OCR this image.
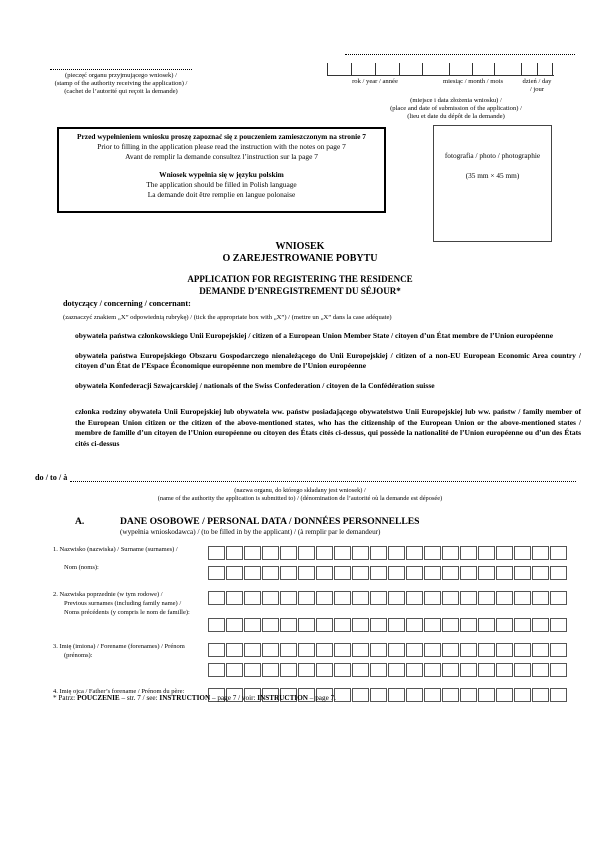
(pieczęć organu przyjmującego wniosek) /
(stamp of the authority receiving the application) /
(cachet de l’autorité qui reçoit la demande)
rok / year / année	miesiąc / month / mois	dzień / day
/ jour
(miejsce i data złożenia wniosku) /
(place and date of submission of the application) /
(lieu et date du dépôt de la demande)
Przed wypełnieniem wniosku proszę zapoznać się z pouczeniem zamieszczonym na stronie 7
Prior to filling in the application please read the instruction with the notes on page 7
Avant de remplir la demande consultez l’instruction sur la page 7
Wniosek wypełnia się w języku polskim
The application should be filled in Polish language
La demande doit être remplie en langue polonaise
fotografia / photo / photographie
(35 mm × 45 mm)
WNIOSEK
O ZAREJESTROWANIE POBYTU
APPLICATION FOR REGISTERING THE RESIDENCE
DEMANDE D’ENREGISTREMENT DU SÉJOUR*
dotyczący / concerning / concernant:
(zaznaczyć znakiem „X” odpowiednią rubrykę) / (tick the appropriate box with „X”) / (mettre un „X” dans la case adéquate)
obywatela państwa członkowskiego Unii Europejskiej / citizen of a European Union Member State / citoyen d’un État membre de l’Union européenne
obywatela państwa Europejskiego Obszaru Gospodarczego nienależącego do Unii Europejskiej / citizen of a non-EU European Economic Area country / citoyen d’un État de l’Espace Économique européenne non membre de l’Union européenne
obywatela Konfederacji Szwajcarskiej / nationals of the Swiss Confederation / citoyen de la Confédération suisse
członka rodziny obywatela Unii Europejskiej lub obywatela ww. państw posiadającego obywatelstwo Unii Europejskiej lub ww. państw / family member of the European Union citizen or the citizen of the above-mentioned states, who has the citizenship of the European Union or the above-mentioned states / membre de famille d’un citoyen de l’Union européenne ou citoyen des États cités ci-dessus, qui possède la nationalité de l’Union européenne ou d’un des États cités ci-dessus
do / to / à
(nazwa organu, do którego składany jest wniosek) /
(name of the authority the application is submitted to) / (dénomination de l’autorité où la demande est déposée)
A.	DANE OSOBOWE / PERSONAL DATA / DONNÉES PERSONNELLES
(wypełnia wnioskodawca) / (to be filled in by the applicant) / (à remplir par le demandeur)
1. Nazwisko (nazwiska) / Surname (surnames) /
Nom (noms):
2. Nazwiska poprzednie (w tym rodowe) /
Previous surnames (including family name) /
Noms précédents (y compris le nom de famille):
3. Imię (imiona) / Forename (forenames) / Prénom
(prénoms):
4. Imię ojca / Father’s forename / Prénom du père:
* Patrz: POUCZENIE – str. 7 / see: INSTRUCTION – page 7 / voir: INSTRUCTION – page 7.
